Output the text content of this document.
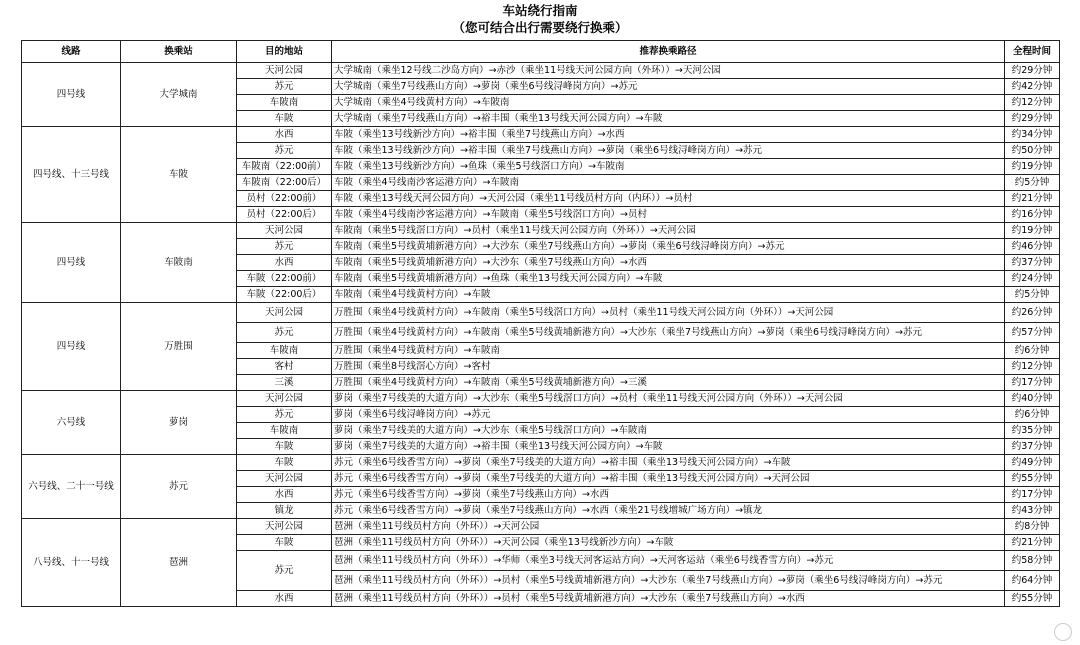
车站绕行指南
（您可结合出行需要绕行换乘）
线路	换乘站	目的地站	推荐换乘路径	全程时间
四号线	大学城南	天河公园	大学城南（乘坐12号线二沙岛方向）→赤沙（乘坐11号线天河公园方向（外环））→天河公园	约29分钟
		苏元	大学城南（乘坐7号线燕山方向）→萝岗（乘坐6号线浔峰岗方向）→苏元	约42分钟
		车陂南	大学城南（乘坐4号线黄村方向）→车陂南	约12分钟
		车陂	大学城南（乘坐7号线燕山方向）→裕丰围（乘坐13号线天河公园方向）→车陂	约29分钟
四号线、十三号线	车陂	水西	车陂（乘坐13号线新沙方向）→裕丰围（乘坐7号线燕山方向）→水西	约34分钟
		苏元	车陂（乘坐13号线新沙方向）→裕丰围（乘坐7号线燕山方向）→萝岗（乘坐6号线浔峰岗方向）→苏元	约50分钟
		车陂南（22:00前）	车陂（乘坐13号线新沙方向）→鱼珠（乘坐5号线滘口方向）→车陂南	约19分钟
		车陂南（22:00后）	车陂（乘坐4号线南沙客运港方向）→车陂南	约5分钟
		员村（22:00前）	车陂（乘坐13号线天河公园方向）→天河公园（乘坐11号线员村方向（内环））→员村	约21分钟
		员村（22:00后）	车陂（乘坐4号线南沙客运港方向）→车陂南（乘坐5号线滘口方向）→员村	约16分钟
四号线	车陂南	天河公园	车陂南（乘坐5号线滘口方向）→员村（乘坐11号线天河公园方向（外环））→天河公园	约19分钟
		苏元	车陂南（乘坐5号线黄埔新港方向）→大沙东（乘坐7号线燕山方向）→萝岗（乘坐6号线浔峰岗方向）→苏元	约46分钟
		水西	车陂南（乘坐5号线黄埔新港方向）→大沙东（乘坐7号线燕山方向）→水西	约37分钟
		车陂（22:00前）	车陂南（乘坐5号线黄埔新港方向）→鱼珠（乘坐13号线天河公园方向）→车陂	约24分钟
		车陂（22:00后）	车陂南（乘坐4号线黄村方向）→车陂	约5分钟
四号线	万胜围	天河公园	万胜围（乘坐4号线黄村方向）→车陂南（乘坐5号线滘口方向）→员村（乘坐11号线天河公园方向（外环））→天河公园	约26分钟
		苏元	万胜围（乘坐4号线黄村方向）→车陂南（乘坐5号线黄埔新港方向）→大沙东（乘坐7号线燕山方向）→萝岗（乘坐6号线浔峰岗方向）→苏元	约57分钟
		车陂南	万胜围（乘坐4号线黄村方向）→车陂南	约6分钟
		客村	万胜围（乘坐8号线滘心方向）→客村	约12分钟
		三溪	万胜围（乘坐4号线黄村方向）→车陂南（乘坐5号线黄埔新港方向）→三溪	约17分钟
六号线	萝岗	天河公园	萝岗（乘坐7号线美的大道方向）→大沙东（乘坐5号线滘口方向）→员村（乘坐11号线天河公园方向（外环））→天河公园	约40分钟
		苏元	萝岗（乘坐6号线浔峰岗方向）→苏元	约6分钟
		车陂南	萝岗（乘坐7号线美的大道方向）→大沙东（乘坐5号线滘口方向）→车陂南	约35分钟
		车陂	萝岗（乘坐7号线美的大道方向）→裕丰围（乘坐13号线天河公园方向）→车陂	约37分钟
六号线、二十一号线	苏元	车陂	苏元（乘坐6号线香雪方向）→萝岗（乘坐7号线美的大道方向）→裕丰围（乘坐13号线天河公园方向）→车陂	约49分钟
		天河公园	苏元（乘坐6号线香雪方向）→萝岗（乘坐7号线美的大道方向）→裕丰围（乘坐13号线天河公园方向）→天河公园	约55分钟
		水西	苏元（乘坐6号线香雪方向）→萝岗（乘坐7号线燕山方向）→水西	约17分钟
		镇龙	苏元（乘坐6号线香雪方向）→萝岗（乘坐7号线燕山方向）→水西（乘坐21号线增城广场方向）→镇龙	约43分钟
八号线、十一号线	琶洲	天河公园	琶洲（乘坐11号线员村方向（外环））→天河公园	约8分钟
		车陂	琶洲（乘坐11号线员村方向（外环））→天河公园（乘坐13号线新沙方向）→车陂	约21分钟
		苏元	琶洲（乘坐11号线员村方向（外环））→华师（乘坐3号线天河客运站方向）→天河客运站（乘坐6号线香雪方向）→苏元	约58分钟
			琶洲（乘坐11号线员村方向（外环））→员村（乘坐5号线黄埔新港方向）→大沙东（乘坐7号线燕山方向）→萝岗（乘坐6号线浔峰岗方向）→苏元	约64分钟
		水西	琶洲（乘坐11号线员村方向（外环））→员村（乘坐5号线黄埔新港方向）→大沙东（乘坐7号线燕山方向）→水西	约55分钟
